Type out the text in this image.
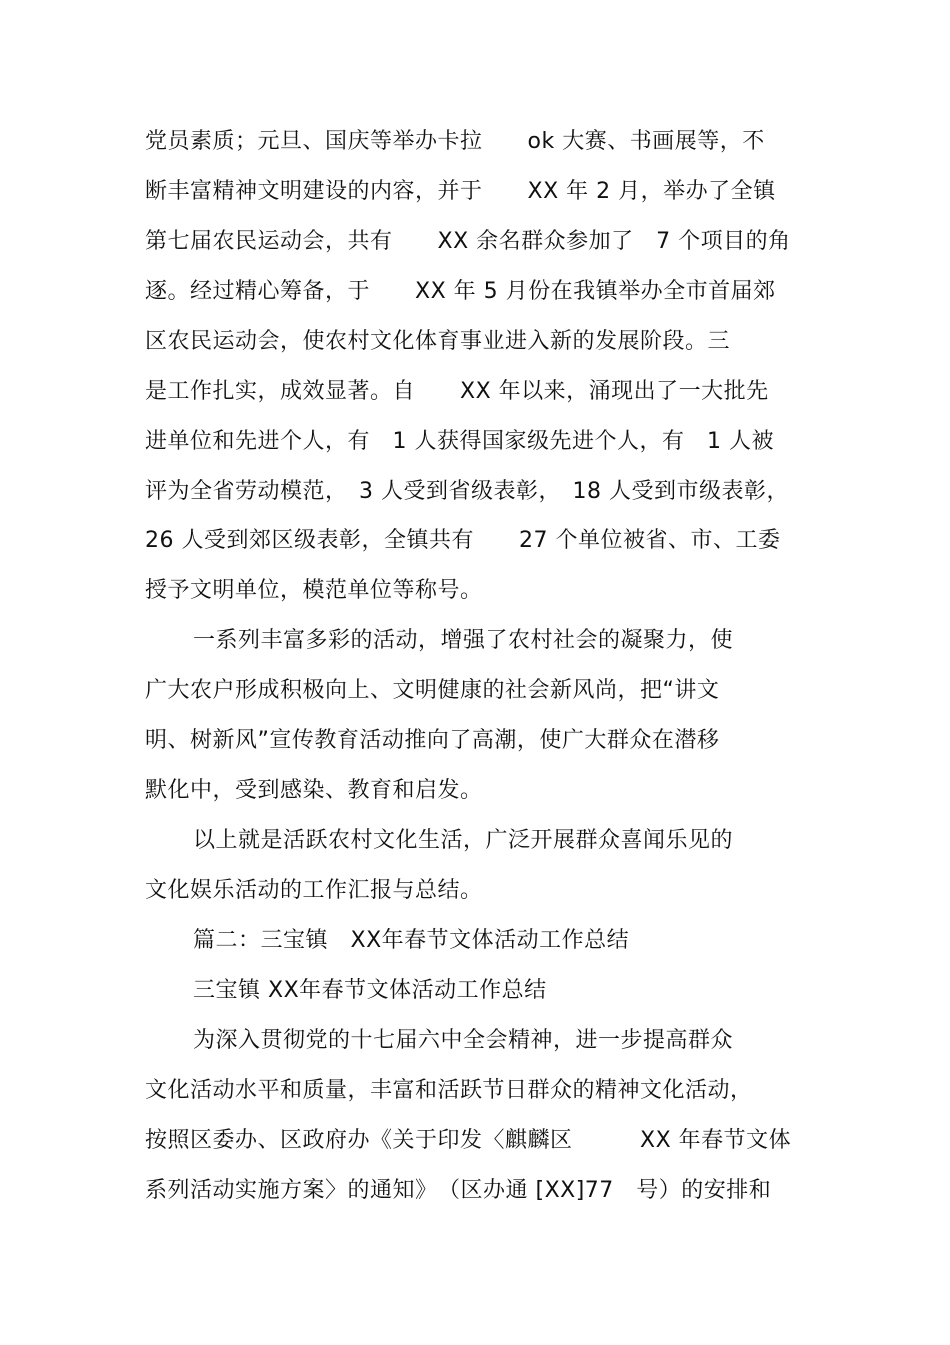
党员素质；元旦、国庆等举办卡拉　　ok 大赛、书画展等，不
断丰富精神文明建设的内容，并于　　XX 年 2 月，举办了全镇
第七届农民运动会，共有　　XX 余名群众参加了　7 个项目的角
逐。经过精心筹备，于　　XX 年 5 月份在我镇举办全市首届郊
区农民运动会，使农村文化体育事业进入新的发展阶段。三
是工作扎实，成效显著。自　　XX 年以来，涌现出了一大批先
进单位和先进个人，有　1 人获得国家级先进个人，有　1 人被
评为全省劳动模范，　3 人受到省级表彰，　18 人受到市级表彰，
26 人受到郊区级表彰，全镇共有　　27 个单位被省、市、工委
授予文明单位，模范单位等称号。
一系列丰富多彩的活动，增强了农村社会的凝聚力，使
广大农户形成积极向上、文明健康的社会新风尚，把“讲文
明、树新风”宣传教育活动推向了高潮，使广大群众在潜移
默化中，受到感染、教育和启发。
以上就是活跃农村文化生活，广泛开展群众喜闻乐见的
文化娱乐活动的工作汇报与总结。
篇二：三宝镇　XX年春节文体活动工作总结
三宝镇 XX年春节文体活动工作总结
为深入贯彻党的十七届六中全会精神，进一步提高群众
文化活动水平和质量，丰富和活跃节日群众的精神文化活动，
按照区委办、区政府办《关于印发〈麒麟区　　　XX 年春节文体
系列活动实施方案〉的通知》　（区办通 [XX]77　号）的安排和
